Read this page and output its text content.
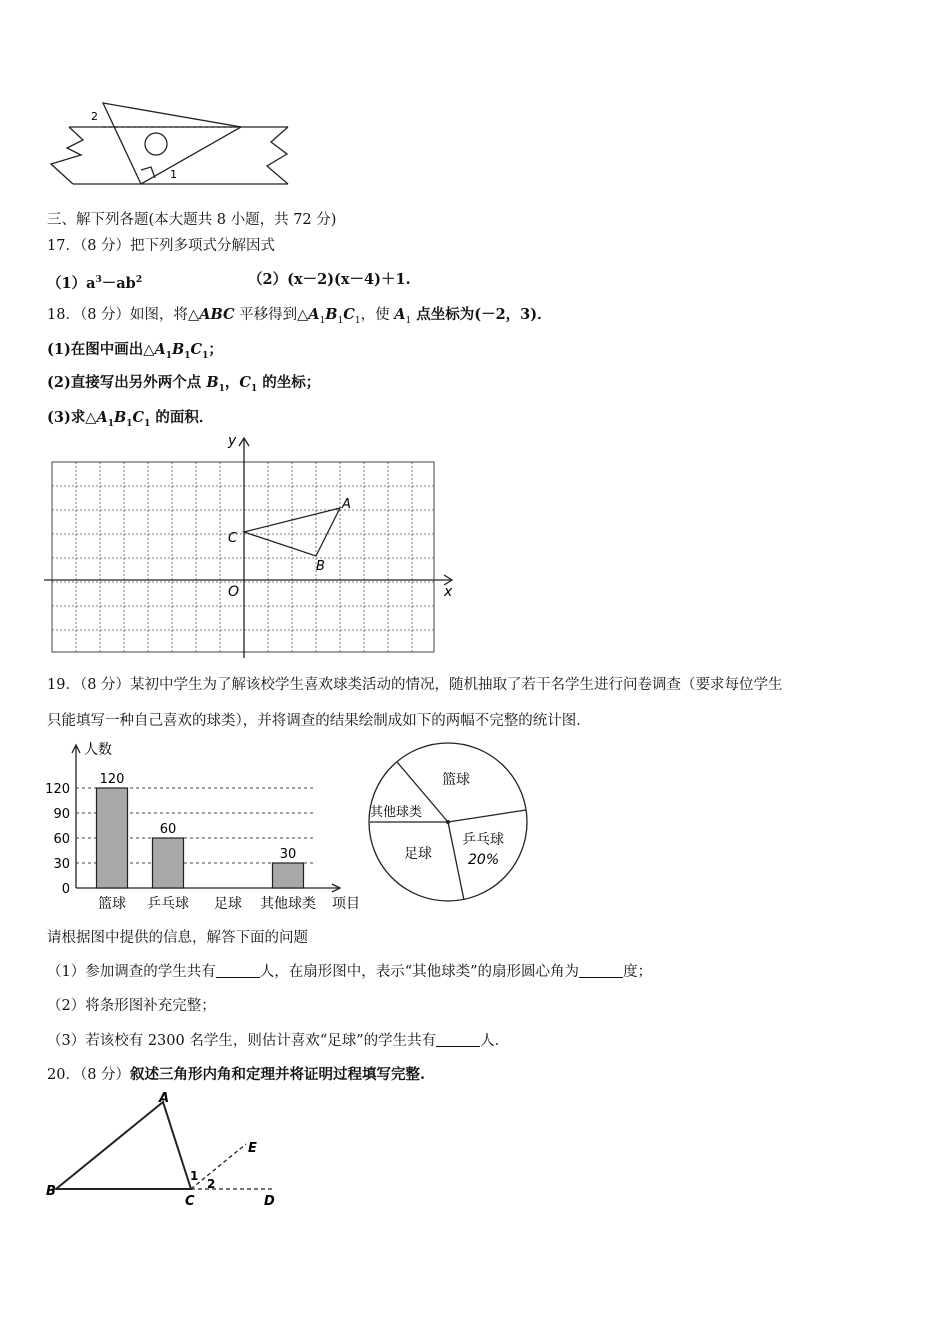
2
1
三、解下列各题(本大题共 8 小题，共 72 分)
17．（8 分）把下列多项式分解因式
$(1)a^3-ab^2$	（2）(x－2)(x－4)＋1.
18．（8 分）如图，将△ABC 平移得到$\triangle A_1B_1C_1$，使 $A_1$ 点坐标为(－2，3)．
(1)在图中画出$\triangle A_1B_1C_1$；
(2)直接写出另外两个点 $B_1$，$C_1$ 的坐标；
(3)求$\triangle A_1B_1C_1$ 的面积．
y
x
O
A
B
C
19．（8 分）某初中学生为了解该校学生喜欢球类活动的情况，随机抽取了若干名学生进行问卷调查（要求每位学生
只能填写一种自己喜欢的球类），并将调查的结果绘制成如下的两幅不完整的统计图．
0
30
60
90
120
人数
项目
120
篮球
60
乒乓球 足球
30
其他球类
篮球
其他球类
足球
乒乓球
20%
请根据图中提供的信息，解答下面的问题
（1）参加调查的学生共有	人，在扇形图中，表示“其他球类”的扇形圆心角为	度；
（2）将条形图补充完整；
（3）若该校有 2300 名学生，则估计喜欢“足球”的学生共有	人．
20．（8 分）叙述三角形内角和定理并将证明过程填写完整.
A
B
C	D
E
1
2
